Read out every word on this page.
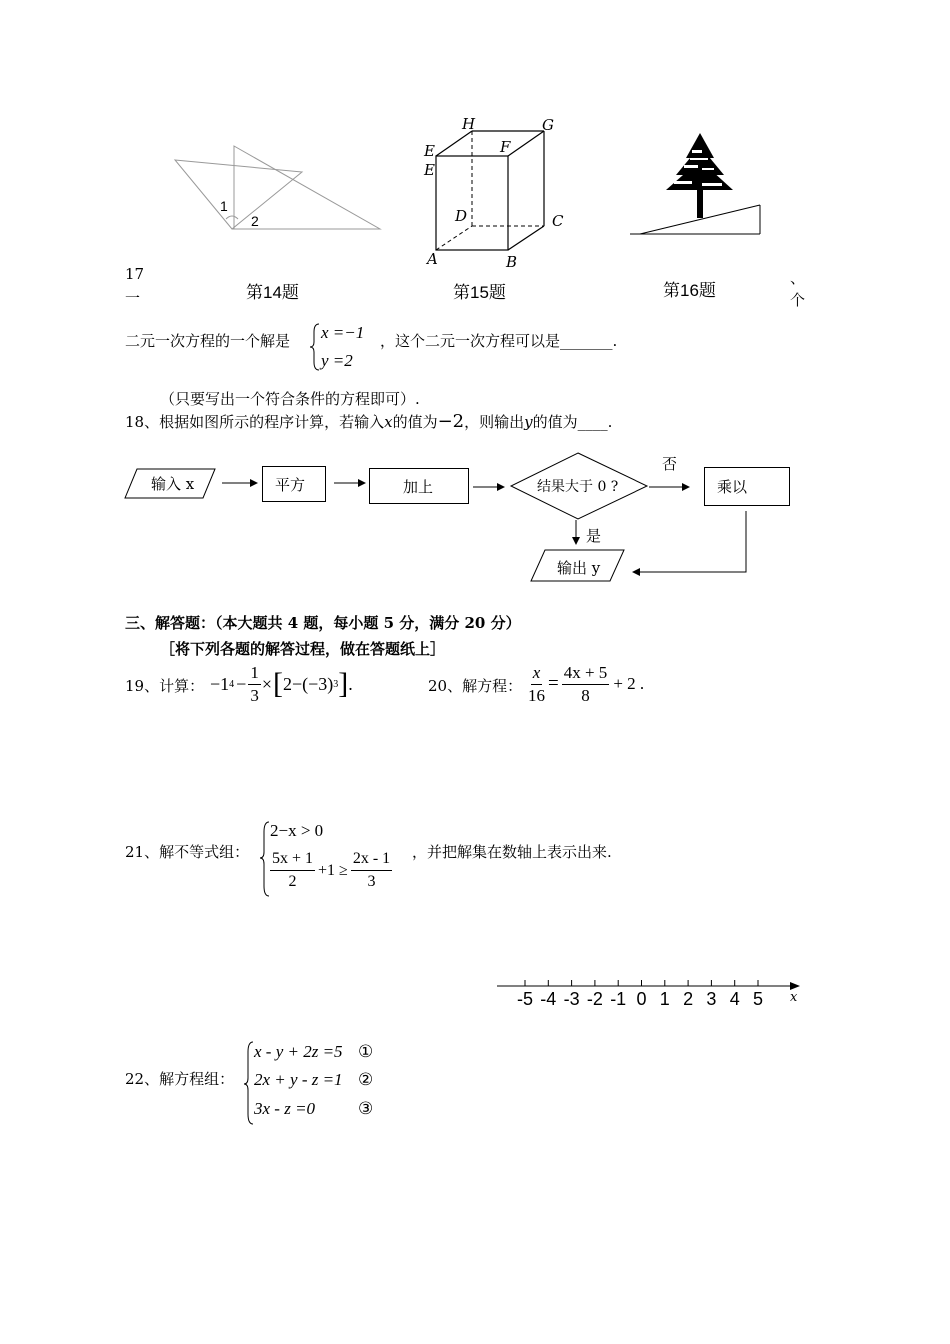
1
2
第14题
H	G
E
E
F
D	C
A	B
第15题	第16题
17
一
、
个
二元一次方程的一个解是 x =−1
y =2
，这个二元一次方程可以是_______.
（只要写出一个符合条件的方程即可）.
18、根据如图所示的程序计算，若输入x的值为−2，则输出y的值为____.
输入 x	平方	加上	结果大于 0 ?
否
乘以
是
输出 y
三、解答题：（本大题共 4 题，每小题 5 分，满分 20 分）
［将下列各题的解答过程，做在答题纸上］
19、计算： −1 $4 - \frac{1}{3}$ × [ 2−(−3) 3 ] .	20、解方程： $\frac{x}{16} = \frac{4x + 5}{8} + 2$ .
21、解不等式组：
2−x > 0
$\frac{5x + 1}{2} +1 \ge \frac{2x - 1}{3}$ ，并把解集在数轴上表示出来.
-5 -4 -3 -2 -1 0 1 2 3 4 5 x
22、解方程组：
x - y + 2z =5
2x + y - z =1
3x - z =0
①
②
③
